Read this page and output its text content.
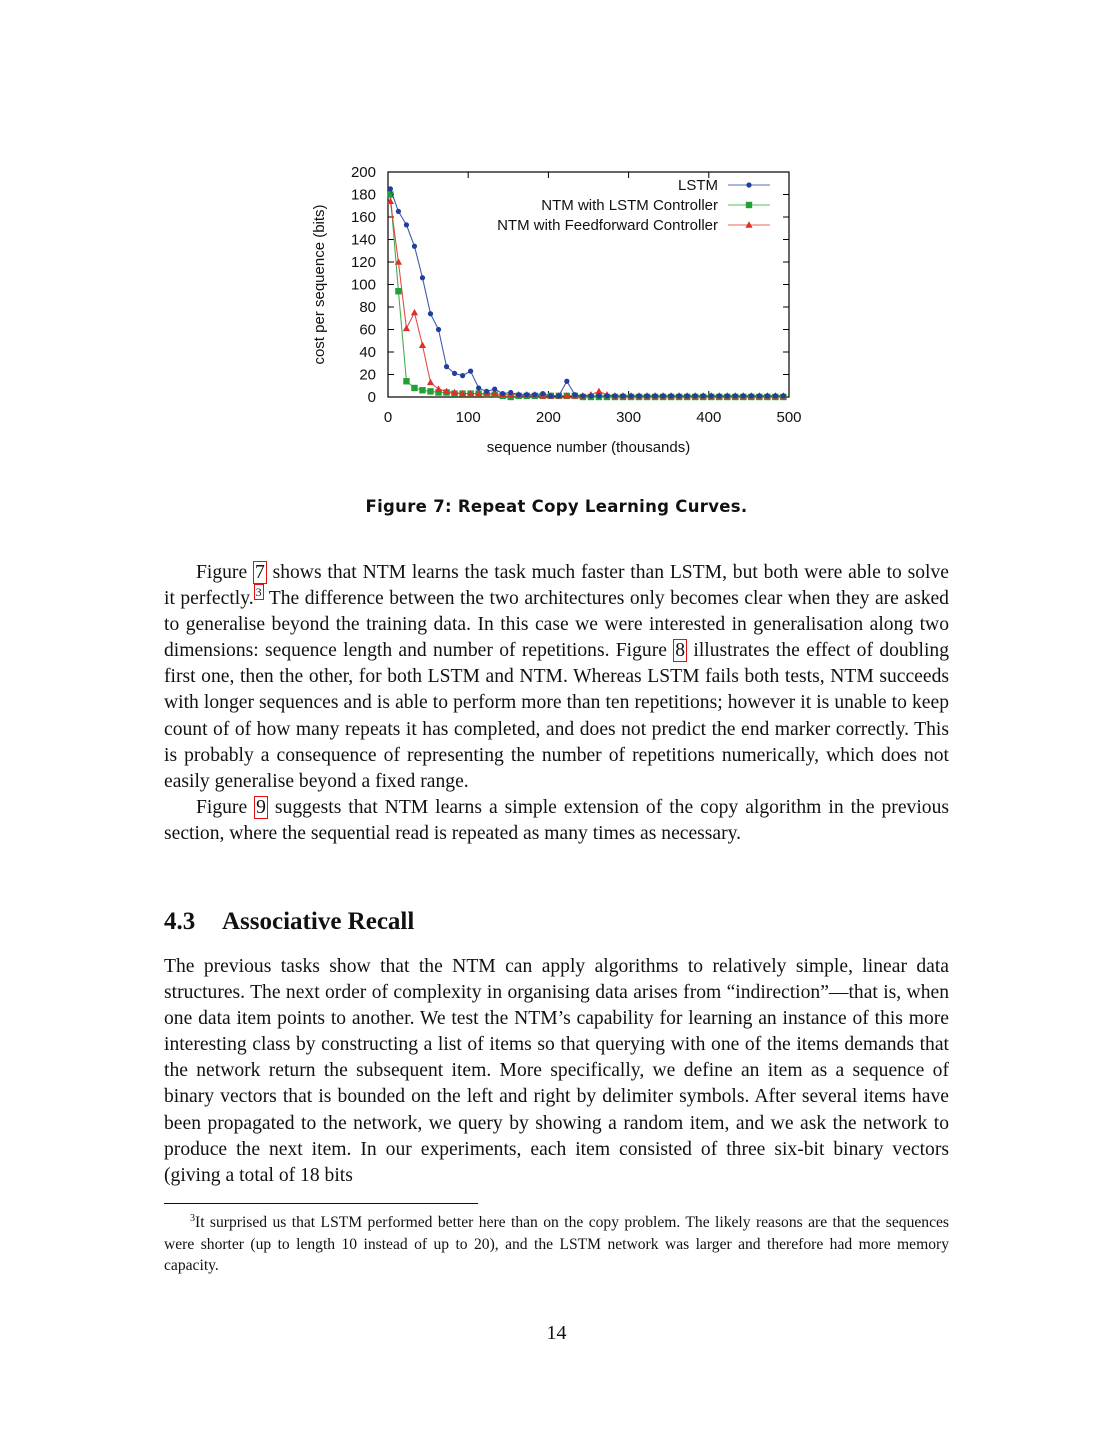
0
20
40
60
80
100
120
140
160
180
200
0	100	200	300	400	500
sequence number (thousands)
cost per sequence (bits)
LSTM
NTM with LSTM Controller
NTM with Feedforward Controller
Figure 7: Repeat Copy Learning Curves.

Figure 7 shows that NTM learns the task much faster than LSTM, but both were able to solve it perfectly. $^3$ The difference between the two architectures only becomes clear when they are asked to generalise beyond the training data. In this case we were interested in generalisation along two dimensions: sequence length and number of repetitions. Figure 8 illustrates the effect of doubling first one, then the other, for both LSTM and NTM. Whereas LSTM fails both tests, NTM succeeds with longer sequences and is able to perform more than ten repetitions; however it is unable to keep count of of how many repeats it has completed, and does not predict the end marker correctly. This is probably a consequence of representing the number of repetitions numerically, which does not easily generalise beyond a fixed range.

Figure 9 suggests that NTM learns a simple extension of the copy algorithm in the previous section, where the sequential read is repeated as many times as necessary.

4.3 Associative Recall

The previous tasks show that the NTM can apply algorithms to relatively simple, linear data structures. The next order of complexity in organising data arises from “indirection”—that is, when one data item points to another. We test the NTM’s capability for learning an instance of this more interesting class by constructing a list of items so that querying with one of the items demands that the network return the subsequent item. More specifically, we define an item as a sequence of binary vectors that is bounded on the left and right by delimiter symbols. After several items have been propagated to the network, we query by showing a random item, and we ask the network to produce the next item. In our experiments, each item consisted of three six-bit binary vectors (giving a total of 18 bits

$^3$It surprised us that LSTM performed better here than on the copy problem. The likely reasons are that the sequences were shorter (up to length 10 instead of up to 20), and the LSTM network was larger and therefore had more memory capacity.

14
